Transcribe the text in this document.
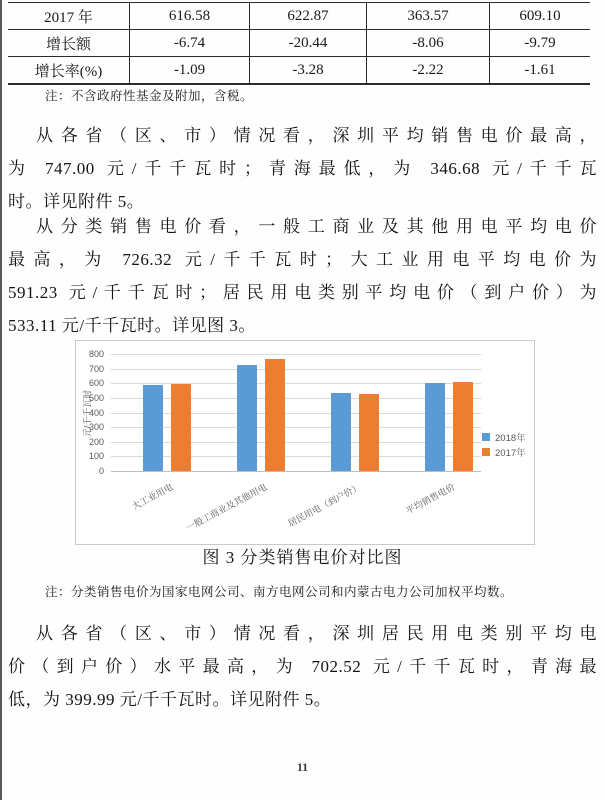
2017 年	616.58	622.87	363.57	609.10
增长额	-6.74	-20.44	-8.06	-9.79
增长率(%)	-1.09	-3.28	-2.22	-1.61
注：不含政府性基金及附加，含税。
从各省（区、市）情况看，深圳平均销售电价最高，
为 747.00 元/千千瓦时；青海最低，为 346.68 元/千千瓦
时。详见附件 5。
从分类销售电价看，一般工商业及其他用电平均电价
最高，为 726.32 元/千千瓦时；大工业用电平均电价为
591.23 元/千千瓦时；居民用电类别平均电价（到户价）为
533.11 元/千千瓦时。详见图 3。
元/千千瓦时
0
100
200
300
400
500
600
700
800
大工业用电	一般工商业及其他用电	居民用电（到户价）	平均销售电价
2018年
2017年
图 3 分类销售电价对比图
注：分类销售电价为国家电网公司、南方电网公司和内蒙古电力公司加权平均数。
从各省（区、市）情况看，深圳居民用电类别平均电
价（到户价）水平最高，为 702.52 元/千千瓦时，青海最
低，为 399.99 元/千千瓦时。详见附件 5。
11
